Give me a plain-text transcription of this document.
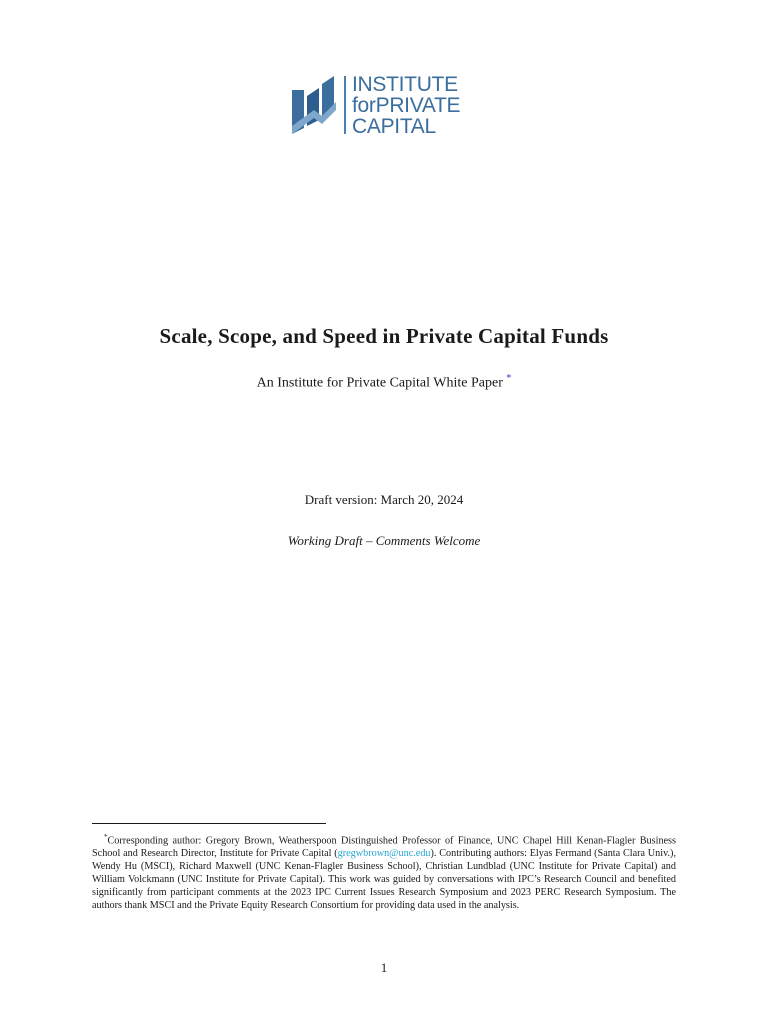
INSTITUTE
forPRIVATE
CAPITAL
Scale, Scope, and Speed in Private Capital Funds
An Institute for Private Capital White Paper *
Draft version: March 20, 2024
Working Draft – Comments Welcome
*Corresponding author: Gregory Brown, Weatherspoon Distinguished Professor of Finance, UNC Chapel Hill Kenan-Flagler Business School and Research Director, Institute for Private Capital (gregwbrown@unc.edu). Contributing authors: Elyas Fermand (Santa Clara Univ.), Wendy Hu (MSCI), Richard Maxwell (UNC Kenan-Flagler Business School), Christian Lundblad (UNC Institute for Private Capital) and William Volckmann (UNC Institute for Private Capital). This work was guided by conversations with IPC’s Research Council and benefited significantly from participant comments at the 2023 IPC Current Issues Research Symposium and 2023 PERC Research Symposium. The authors thank MSCI and the Private Equity Research Consortium for providing data used in the analysis.
1
